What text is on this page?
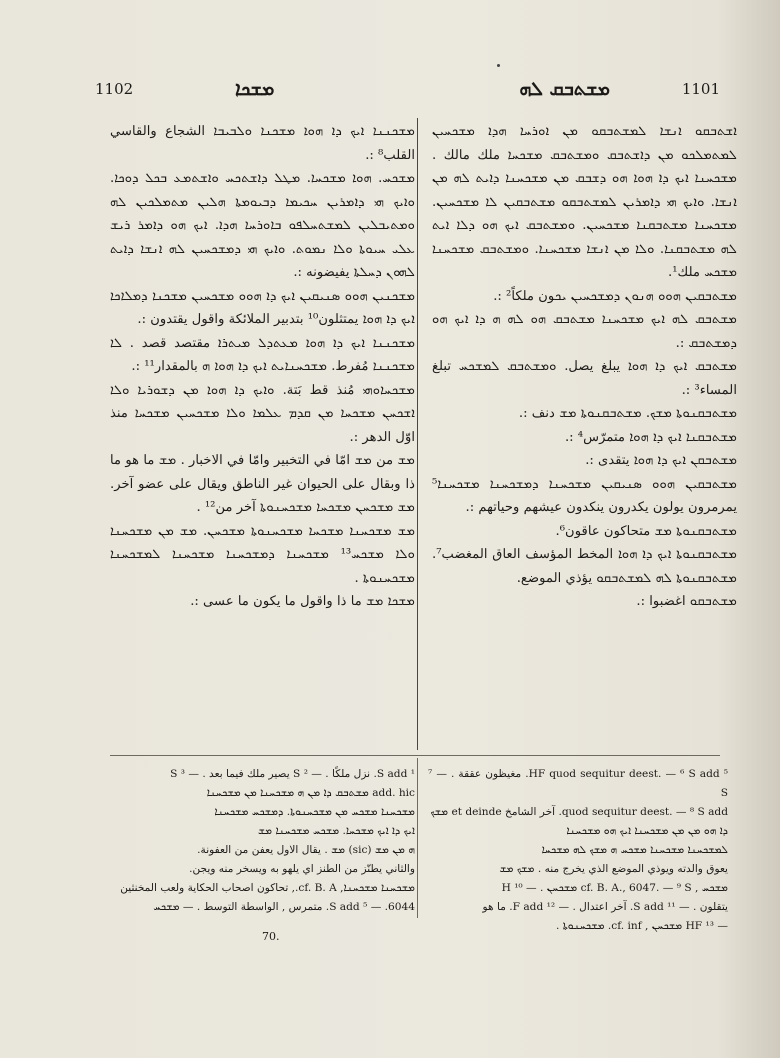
1102	ܡܫܟܐ	ܡܫܬܒܩ ܠܗ	1101

ܡܫܟܢܢܐ ܐܝܟ ܕܐ ܗܘܐ ܡܫܟܢܐ ܘܠܒܝܒܐ الشجاع والقاسي القلب⁸ :.

ܡܫܟܚ. ܗܘܐ ܡܫܟܚܐ. ܡܛܠ ܕܐܫܬܟܚ ܘܐܫܬܡܥ ܒܟܠ ܕܘܟܐ. ܘܐܝܟ ܗܝ ܕܐܡܪܝܢ ܚܟܝܡܐ ܕܒܝܘܡܬܐ ܗܠܝܢ ܡܬܡܠܟܝܢ ܠܗ ܘܡܬܝܒܠܝܢ ܠܡܫܬܚܠܦܘ ܒܐܘܪܚܐ ܗܕܐ. ܐܝܟ ܗܘ ܕܐܡܪ ܪܝܫ ܥܠܝ ܚܝܘܬܐ ܘܠܐ ܢܡܘܬ. ܘܐܝܟ ܗܝ ܕܡܫܟܚܝܢ ܠܗ ܐܢܫܐ ܕܐܝܬ ܠܗܘܢ ܕܚܠܬܐ يفيضونه :.

ܡܫܟܢܝܢ ܗܘܘ ܣܢܝܩܝܢ ܐܝܟ ܕܐ ܗܘܘ ܡܫܟܚܝܢ ܡܫܟܢܐ ܕܡܠܐܟܐ ܐܝܟ ܕܐ ܗܘܐ يمتثلون¹⁰ بتدبير الملائكة واقول يقتدون :.

ܡܫܟܢܢܐ ܐܝܟ ܕܐ ܗܘܐ ܡܥܬܕܠ ܡܝܬܪܐ مقتصد قصد . ܠܐ ܡܫܟܢܢܐ مُفرط. ܡܫܟܚܢܐܝܬ ܐܝܟ ܕܐ ܗܘܐ ܗ بالمقدار¹¹ :.

ܡܫܟܚܐܘܗܝ مُنذ قط بَتة. ܘܐܝܟ ܕܐ ܗܘܐ ܡܢ ܕܫܘܪܝܐ ܘܠܐ ܐܫܟܚܢ ܡܫܟܚܐ ܡܢ ܩܕܡ ܥܠܡܐ ܘܠܐ ܡܫܟܚܝܢ ܡܫܟܚܐ منذ اوّل الدهر :.

ܡܫ من ܡܫ امّا في التخبير وامّا في الاخبار . ܡܫ ما هو ما ذا وبقال على الحيوان غير الناطق ويقال على عضو آخر. ܡܫ ܡܫܟܚܢ ܡܫܟܚܐ ܡܫܟܚܢܘܬܐ آخر من¹² .

ܡܫ ܡܫܟܚܢܐ ܡܫܟܚܐ ܡܫܟܚܢܘܬܐ ܡܫܟܚܢ. ܡܫ ܡܢ ܡܫܟܚܢܐ ܘܠܐ ܡܫܟܚ¹³ ܡܫܟܚܢܐ ܕܡܫܟܚܢܐ ܡܫܟܚܢܐ ܠܡܫܟܚܢܐ ܡܫܟܚܢܘܬܐ .

ܡܫܟܐ ܡܫ ما ذا واقول ما يكون ما عسى :.

ܐܫܬܒܩܘ ܐܢܫܐ ܠܡܫܬܒܩܘ ܡܢ ܐܘܪܚܐ ܗܕܐ ܡܫܟܚܝܢ ܠܡܬܡܠܟܘ ܡܢ ܕܐܫܬܒܩ ܘܡܫܬܒܩ ܡܫܟܚܐ ملك مالك . ܡܫܟܚܢܐ ܐܝܟ ܕܐ ܗܘܐ ܗܘ ܕܫܒܩ ܡܢ ܡܫܟܚܢܐ ܕܐܝܬ ܠܗ ܡܢ ܐܢܫܐ. ܘܐܝܟ ܗܝ ܕܐܡܪܝܢ ܠܡܫܬܒܩܘ ܡܫܬܒܩܝܢ ܠܐ ܡܫܟܚܝܢ. ܡܫܟܚܢܐ ܡܫܬܒܩܢܐ ܡܫܟܚܝܢ. ܘܡܫܬܒܩ ܐܝܟ ܗܘ ܕܠܐ ܐܝܬ ܠܗ ܡܫܬܒܩܢܐ. ܘܠܐ ܡܢ ܐܢܫܐ ܡܫܟܚܢܐ. ܘܡܫܬܒܩ ܡܫܟܚܢܐ ܡܫܟܚ ملك¹.

ܡܫܬܒܩܝܢ ܗܘܘ ܗܢܘܢ ܕܡܫܟܚܝܢ ܝܟون ملكاً² :.

ܡܫܬܒܩ ܠܗ ܐܝܟ ܡܫܟܚܢܐ ܡܫܬܒܩ ܗܘ ܠܗ ܗ ܕܐ ܐܝܟ ܗܘ ܕܡܫܬܒܩ :.

ܡܫܬܒܩ ܐܝܟ ܕܐ ܗܘܐ يبلغ يصل. ܘܡܫܬܒܩ ܠܡܫܟܚ تبلغ المساء³ :.

ܡܫܬܒܩܢܘܬܐ ܡܫܟ. ܡܫܬܒܩܢܘܬܐ ܡܫ دنف :.

ܡܫܬܒܩܢܐ ܐܝܟ ܕܐ ܗܘܐ متمرّس⁴ :.

ܡܫܬܒܩܢ ܐܝܟ ܕܐ ܗܘܐ يتقدى :.

ܡܫܬܒܩܝܢ ܗܘܘ ܣܢܝܩܝܢ ܡܫܟܚܢܐ ܕܡܫܟܚܢܐ ܡܫܟܚܢܐ⁵ يمرمرون يولون يكدرون ينكدون عيشهم وحياتهم :.

ܡܫܬܒܩܢܘܬܐ ܡܫ متحاكون عاقون⁶.

ܡܫܬܒܩܢܘܬܐ ܐܝܟ ܕܐ ܗܘܐ المخط المؤسف العاق المغضب⁷. ܡܫܬܒܩܢܘܬܐ ܠܗ ܠܡܫܬܒܩܘ يؤذي الموضع.

ܡܫܬܒܩܘ اغضبوا :.

¹ S add. نزل ملكًا . — ² S يصير ملك فيما بعد . — ³ S
add. hic ܡܫܬܒܩ ܕܐ ܡܢ ܗ ܡܫܟܚܢܐ ܡܢ ܡܫܟܚܢܐ
ܡܫܟܚܢܐ ܡܫܟܚ ܡܢ ܡܫܟܚܢܘܬܐ. ܕܡܫܟܚ ܡܫܟܚܢܐ
ܐܝܟ ܕܐ ܐܝܟ ܡܫܟܚܐ. ܡܫܟܚ ܡܫܟܚܢܐ ܡܫ
ܗ ܡܢ ܡܫ (sic) ܡܫ . يقال الاول يعفن من العفونة.
والثاني يطنّز من الطنز اي يلهو به ويسخر منه ويجن.
ܡܫܟܚܢܐ ܡܫܟܚܢܐ, cf. B. A., تحاكون اصحاب الحكاية ولعب المخنثين
6044. — ⁵ S add. متمرس , الواسطة التوسط . — ܡܫܟܚ
⁵ HF quod sequitur deest. — ⁶ S add. مغيظون عققة . — ⁷ S
quod sequitur deest. — ⁸ S add. آخر الشامخ et deinde ܡܫܟ
ܕܐ ܗܘ ܡܢ ܡܢ ܡܫܟܚܢܐ ܐܝܟ ܗܘ ܡܫܟܚܢܐ
ܠܡܫܟܚܢܐ ܡܫܟܚܢܐ ܡܫܟܚ ܗ ܡܫܟ ܠܗ ܡܫܟܚܐ
يعوق والدته ويوذي الموضع الذي يخرج منه . ܡܫܟ ܡܫ
ܡܫܟܚ , cf. B. A., 6047. — ⁹ S ܡܫܟܚܢ . — ¹⁰ H
يتقلون . — ¹¹ S add. آخر اعتدال . — ¹² F add. ما هو
— ¹³ HF ܡܫܟܚܢ , cf. inf. ܡܫܟܚܢܘܬܐ .
70.
